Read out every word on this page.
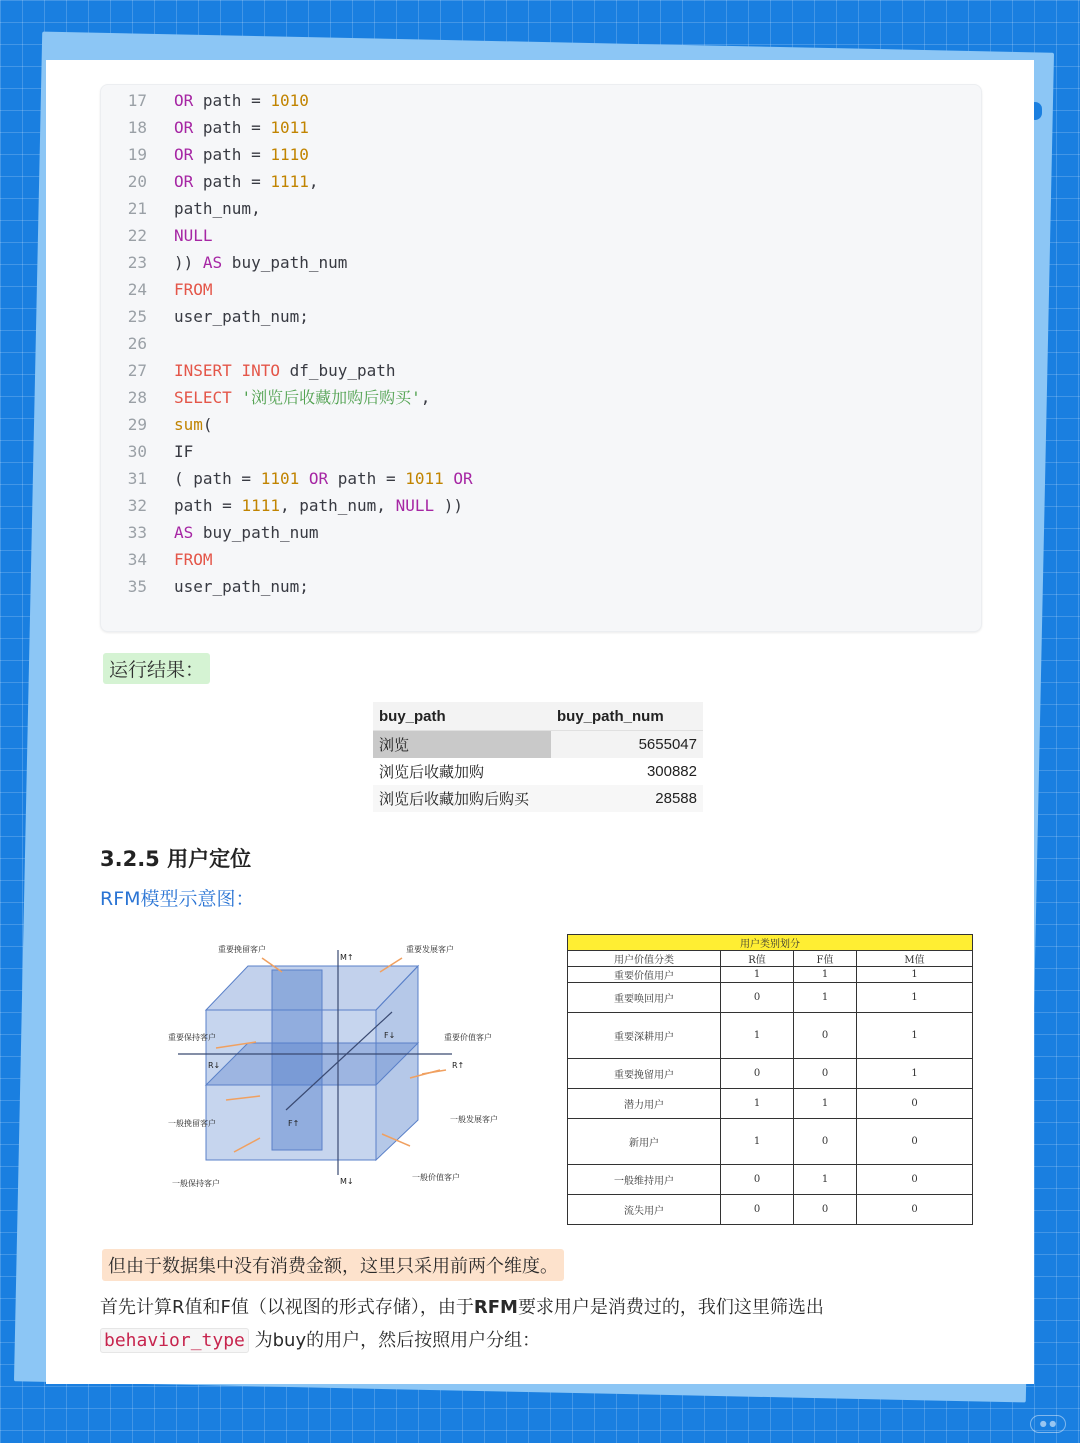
17 OR path = 1010
18 OR path = 1011
19 OR path = 1110
20 OR path = 1111,
21 path_num,
22 NULL
23 )) AS buy_path_num
24 FROM
25 user_path_num;
26
27 INSERT INTO df_buy_path
28 SELECT '浏览后收藏加购后购买',
29 sum(
30 IF
31 ( path = 1101 OR path = 1011 OR
32 path = 1111, path_num, NULL ))
33 AS buy_path_num
34 FROM
35 user_path_num;
运行结果：
buy_path	buy_path_num
浏览	5655047
浏览后收藏加购	300882
浏览后收藏加购后购买	28588
3.2.5 用户定位
RFM模型示意图：
重要挽留客户	重要发展客户
重要保持客户	重要价值客户
一般挽留客户	一般发展客户
一般保持客户
一般价值客户
M↑
M↓
R↓	R↑
F↑
F↓
用户类别划分			
用户价值分类	R值	F值	M值
重要价值用户	1	1	1
重要唤回用户	0	1	1
重要深耕用户	1	0	1
重要挽留用户	0	0	1
潜力用户	1	1	0
新用户	1	0	0
一般维持用户	0	1	0
流失用户	0	0	0
但由于数据集中没有消费金额，这里只采用前两个维度。
首先计算R值和F值（以视图的形式存储），由于RFM要求用户是消费过的，我们这里筛选出
behavior_type 为buy的用户，然后按照用户分组：
● ●
